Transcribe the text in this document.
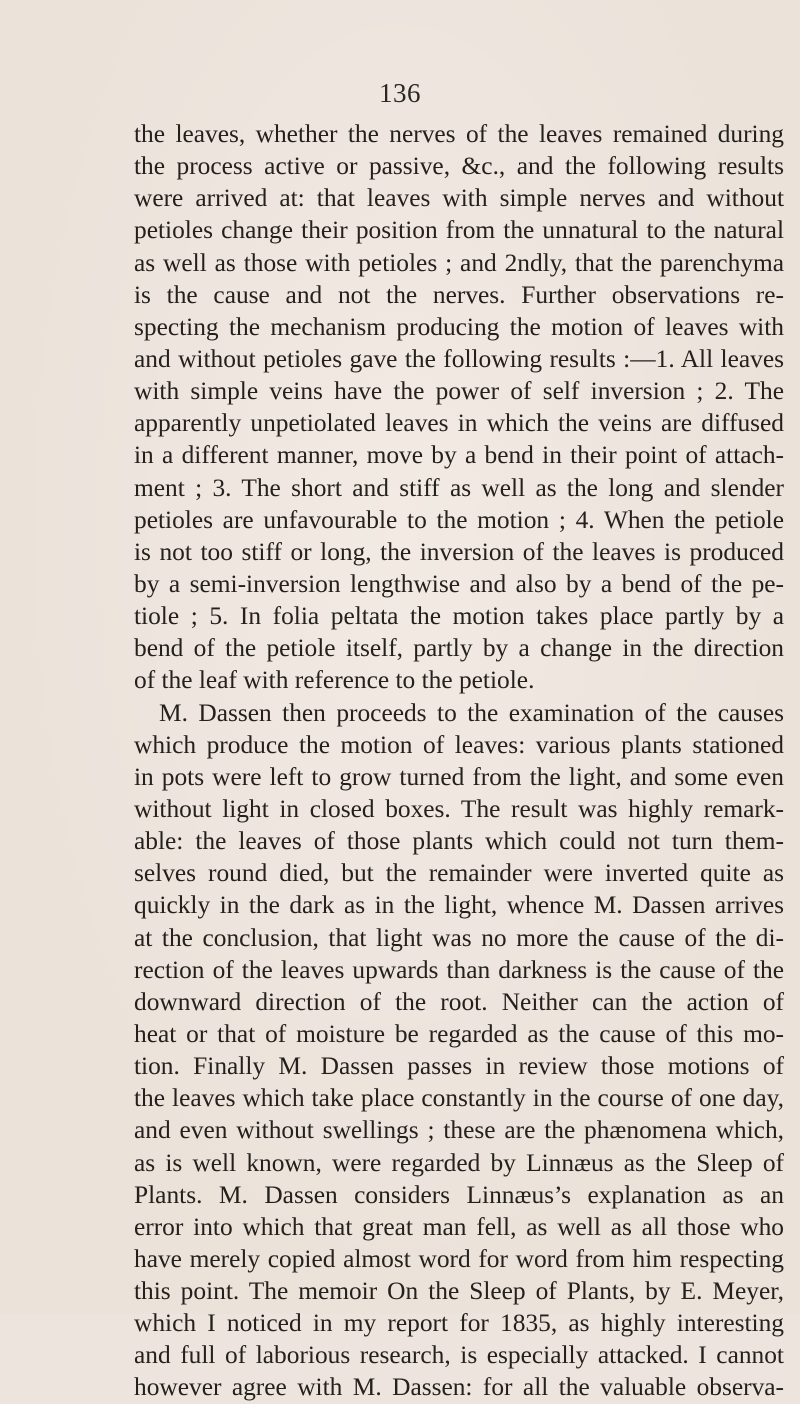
136
the leaves, whether the nerves of the leaves remained during
the process active or passive, &c., and the following results
were arrived at: that leaves with simple nerves and without
petioles change their position from the unnatural to the natural
as well as those with petioles ; and 2ndly, that the parenchyma
is the cause and not the nerves. Further observations re-
specting the mechanism producing the motion of leaves with
and without petioles gave the following results :—1. All leaves
with simple veins have the power of self inversion ; 2. The
apparently unpetiolated leaves in which the veins are diffused
in a different manner, move by a bend in their point of attach-
ment ; 3. The short and stiff as well as the long and slender
petioles are unfavourable to the motion ; 4. When the petiole
is not too stiff or long, the inversion of the leaves is produced
by a semi-inversion lengthwise and also by a bend of the pe-
tiole ; 5. In folia peltata the motion takes place partly by a
bend of the petiole itself, partly by a change in the direction
of the leaf with reference to the petiole.
M. Dassen then proceeds to the examination of the causes
which produce the motion of leaves: various plants stationed
in pots were left to grow turned from the light, and some even
without light in closed boxes. The result was highly remark-
able: the leaves of those plants which could not turn them-
selves round died, but the remainder were inverted quite as
quickly in the dark as in the light, whence M. Dassen arrives
at the conclusion, that light was no more the cause of the di-
rection of the leaves upwards than darkness is the cause of the
downward direction of the root. Neither can the action of
heat or that of moisture be regarded as the cause of this mo-
tion. Finally M. Dassen passes in review those motions of
the leaves which take place constantly in the course of one day,
and even without swellings ; these are the phænomena which,
as is well known, were regarded by Linnæus as the Sleep of
Plants. M. Dassen considers Linnæus’s explanation as an
error into which that great man fell, as well as all those who
have merely copied almost word for word from him respecting
this point. The memoir On the Sleep of Plants, by E. Meyer,
which I noticed in my report for 1835, as highly interesting
and full of laborious research, is especially attacked. I cannot
however agree with M. Dassen: for all the valuable observa-
